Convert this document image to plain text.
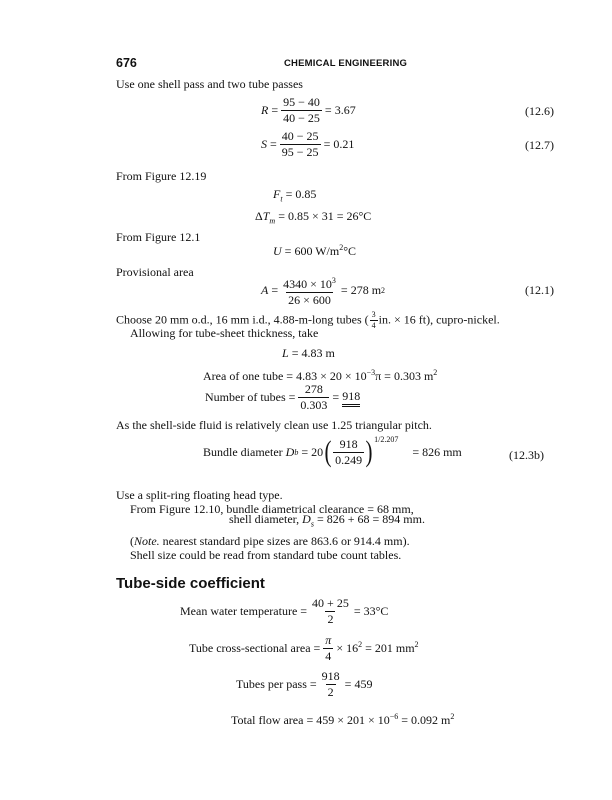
676	CHEMICAL ENGINEERING
Use one shell pass and two tube passes
$R = \frac{95 - 40}{40 - 25} = 3.67$	(12.6)
$S = \frac{40 - 25}{95 - 25} = 0.21$	(12.7)
From Figure 12.19
$F_t = 0.85$
$\Delta T_m = 0.85 \times 31 = 26^\circ C$
From Figure 12.1
U = 600 $W/m^2^\circ C$
Provisional area
$A = \frac{4340 \times 10^3}{26 \times 600} = 278$ m 2	(12.1)
Choose 20 mm o.d., 16 mm i.d., 4.88-m-long tubes ( $\frac{3}{4}$ in. × 16 ft), cupro-nickel.
Allowing for tube-sheet thickness, take
L = 4.83 m
Area of one tube = $4.83 \times 20 \times 10^{-3}\pi = 0.303$ $m^2$
Number of tubes = $\frac{278}{0.303} = 918$
As the shell-side fluid is relatively clean use 1.25 triangular pitch.
Bundle diameter
D b
= 20 ( $\frac{918}{0.249} )^{1/2.207}$
= 826 mm	(12.3b)
Use a split-ring floating head type.
From Figure 12.10, bundle diametrical clearance = 68 mm,
shell diameter, $D_s = 826 + 68 = 894$ mm.
(Note. nearest standard pipe sizes are 863.6 or 914.4 mm).
Shell size could be read from standard tube count tables.
Tube-side coefficient
Mean water temperature = $\frac{40 + 25}{2} = 33^\circ C$
Tube cross-sectional area = $\frac{\pi}{4} \times 16^2$
= 201 $mm^2$
Tubes per pass = $\frac{918}{2} = 459$
Total flow area = $459 \times 201 \times 10^{-6} = 0.092$ $m^2$
